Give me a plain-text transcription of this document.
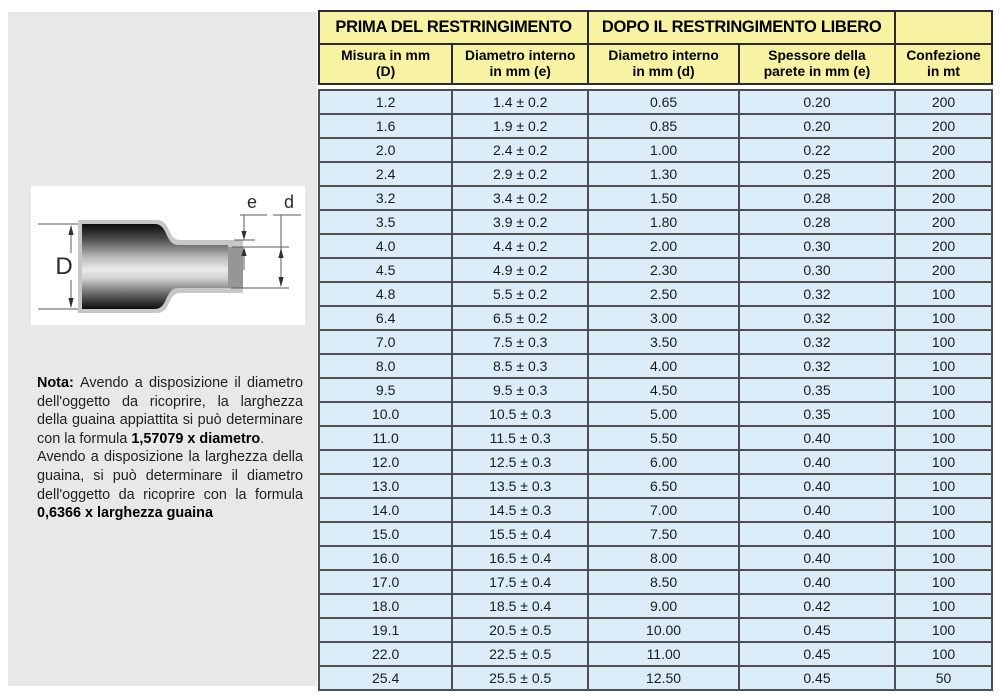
D
e d

Nota: Avendo a disposizione il diametro dell'oggetto da ricoprire, la larghezza della guaina appiattita si può determinare con la formula 1,57079 x diametro.

Avendo a disposizione la larghezza della guaina, si può determinare il diametro dell'oggetto da ricoprire con la formula 0,6366 x larghezza guaina

PRIMA DEL RESTRINGIMENTO		DOPO IL RESTRINGIMENTO LIBERO		

Misura in mm
(D)

Diametro interno
in mm (e)

Diametro interno
in mm (d)

Spessore della
parete in mm (e)

Confezione
in mt
1.2	1.4 ± 0.2	0.65	0.20	200
1.6	1.9 ± 0.2	0.85	0.20	200
2.0	2.4 ± 0.2	1.00	0.22	200
2.4	2.9 ± 0.2	1.30	0.25	200
3.2	3.4 ± 0.2	1.50	0.28	200
3.5	3.9 ± 0.2	1.80	0.28	200
4.0	4.4 ± 0.2	2.00	0.30	200
4.5	4.9 ± 0.2	2.30	0.30	200
4.8	5.5 ± 0.2	2.50	0.32	100
6.4	6.5 ± 0.2	3.00	0.32	100
7.0	7.5 ± 0.3	3.50	0.32	100
8.0	8.5 ± 0.3	4.00	0.32	100
9.5	9.5 ± 0.3	4.50	0.35	100
10.0	10.5 ± 0.3	5.00	0.35	100
11.0	11.5 ± 0.3	5.50	0.40	100
12.0	12.5 ± 0.3	6.00	0.40	100
13.0	13.5 ± 0.3	6.50	0.40	100
14.0	14.5 ± 0.3	7.00	0.40	100
15.0	15.5 ± 0.4	7.50	0.40	100
16.0	16.5 ± 0.4	8.00	0.40	100
17.0	17.5 ± 0.4	8.50	0.40	100
18.0	18.5 ± 0.4	9.00	0.42	100
19.1	20.5 ± 0.5	10.00	0.45	100
22.0	22.5 ± 0.5	11.00	0.45	100
25.4	25.5 ± 0.5	12.50	0.45	50
